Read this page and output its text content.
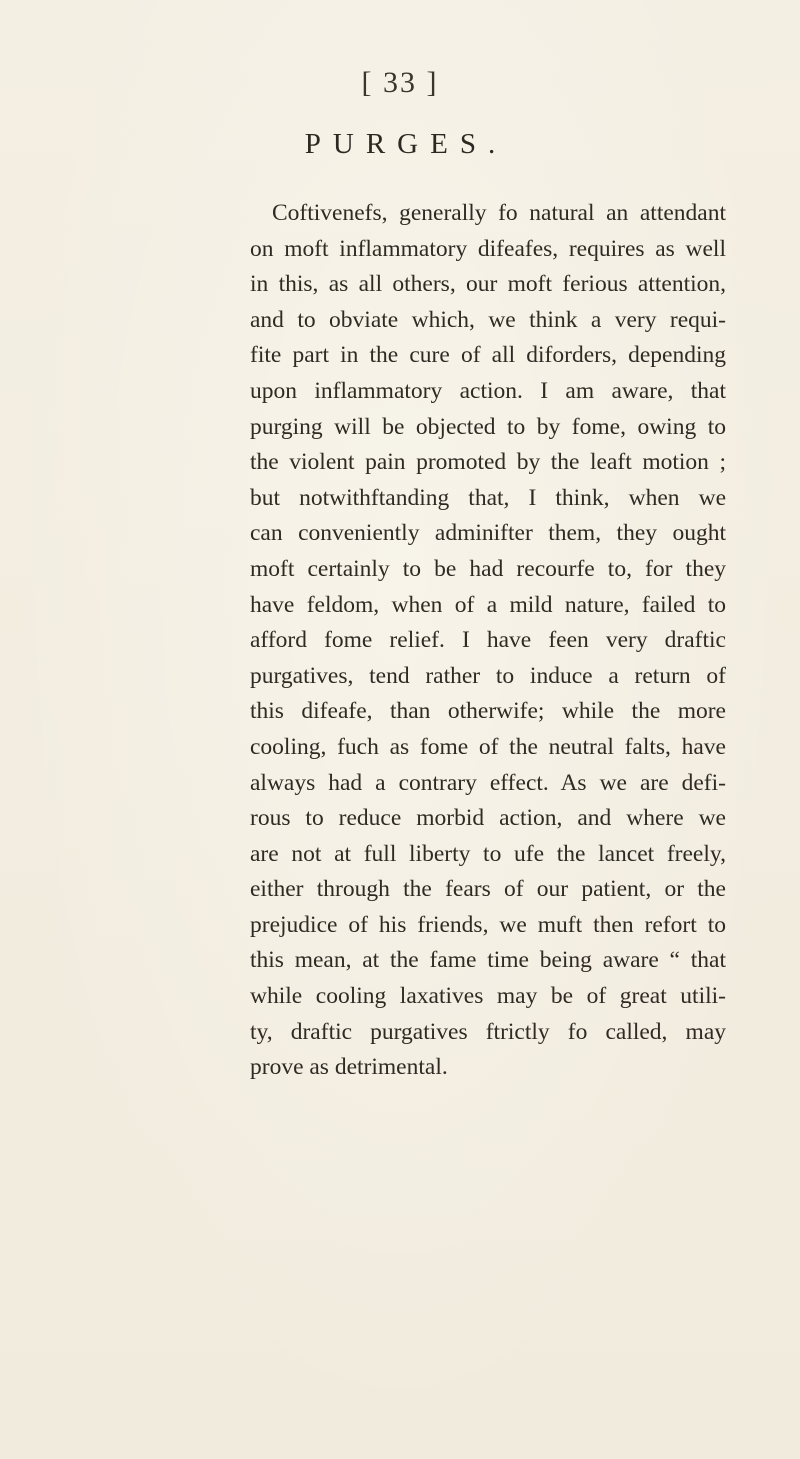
[ 33 ]
PURGES.
Coftivenefs, generally fo natural an attendant
on moft inflammatory difeafes, requires as well
in this, as all others, our moft ferious attention,
and to obviate which, we think a very requi-
fite part in the cure of all diforders, depending
upon inflammatory action. I am aware, that
purging will be objected to by fome, owing to
the violent pain promoted by the leaft motion ;
but notwithftanding that, I think, when we
can conveniently adminifter them, they ought
moft certainly to be had recourfe to, for they
have feldom, when of a mild nature, failed to
afford fome relief. I have feen very draftic
purgatives, tend rather to induce a return of
this difeafe, than otherwife; while the more
cooling, fuch as fome of the neutral falts, have
always had a contrary effect. As we are defi-
rous to reduce morbid action, and where we
are not at full liberty to ufe the lancet freely,
either through the fears of our patient, or the
prejudice of his friends, we muft then refort to
this mean, at the fame time being aware “ that
while cooling laxatives may be of great utili-
ty, draftic purgatives ftrictly fo called, may
prove as detrimental.
